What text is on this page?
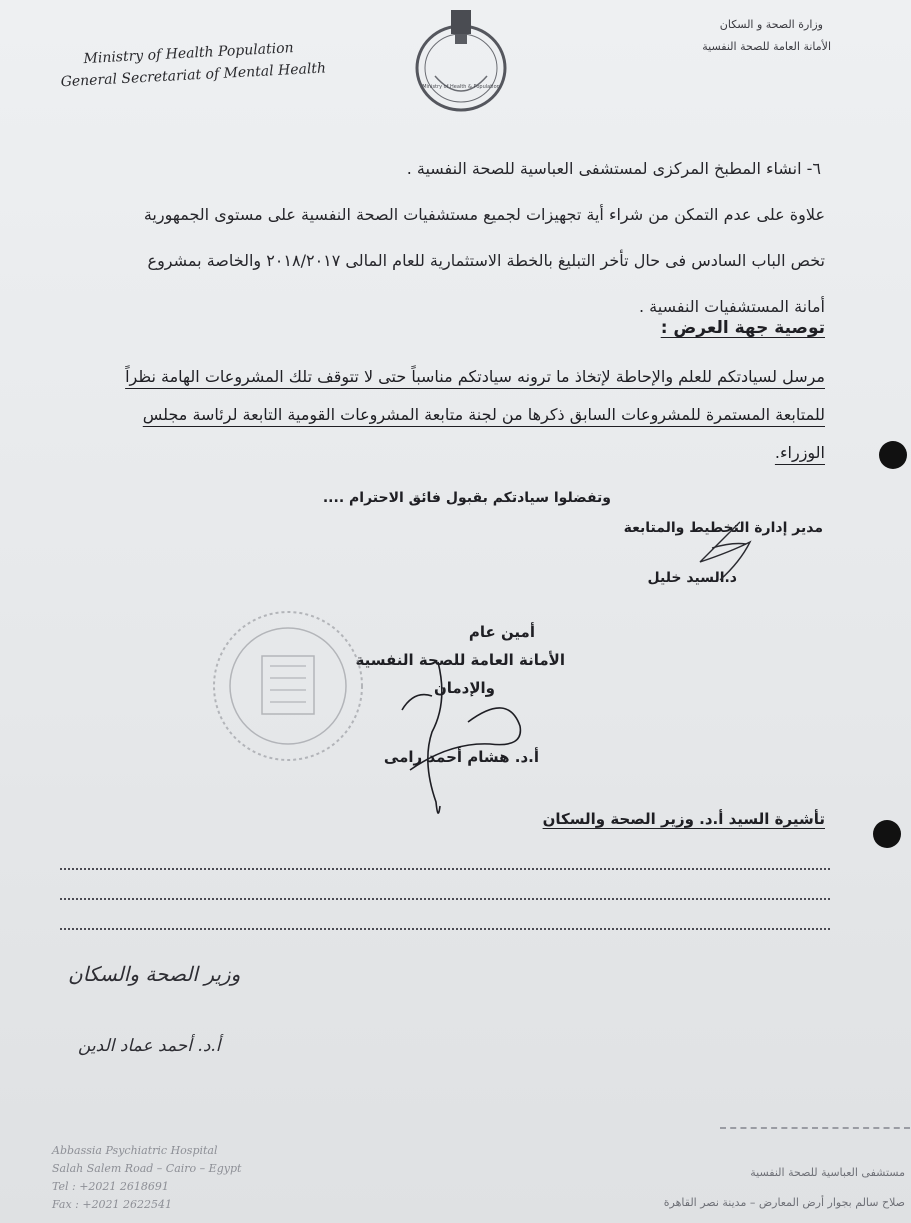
Ministry of Health Population
General Secretariat of Mental Health
وزارة الصحة و السكان
الأمانة العامة للصحة النفسية
Ministry of Health & Population
٦- انشاء المطبخ المركزى لمستشفى العباسية للصحة النفسية .
علاوة على عدم التمكن من شراء أية تجهيزات لجميع مستشفيات الصحة النفسية على مستوى الجمهورية
تخص الباب السادس فى حال تأخر التبليغ بالخطة الاستثمارية للعام المالى ٢٠١٨/٢٠١٧ والخاصة بمشروع
أمانة المستشفيات النفسية .
توصية جهة العرض :
مرسل لسيادتكم للعلم والإحاطة لإتخاذ ما ترونه سيادتكم مناسباً حتى لا تتوقف تلك المشروعات الهامة نظراً
للمتابعة المستمرة للمشروعات السابق ذكرها من لجنة متابعة المشروعات القومية التابعة لرئاسة مجلس
الوزراء.
وتفضلوا سيادتكم بقبول فائق الاحترام ....
مدير إدارة التخطيط والمتابعة
د.السيد خليل
أمين عام
الأمانة العامة للصحة النفسية
والإدمان
أ.د. هشام أحمد رامى
تأشيرة السيد أ.د. وزير الصحة والسكان
وزير الصحة والسكان
أ.د. أحمد عماد الدين
Abbassia Psychiatric Hospital
Salah Salem Road – Cairo – Egypt
Tel : +2021 2618691
Fax : +2021 2622541
مستشفى العباسية للصحة النفسية
صلاح سالم بجوار أرض المعارض – مدينة نصر القاهرة
